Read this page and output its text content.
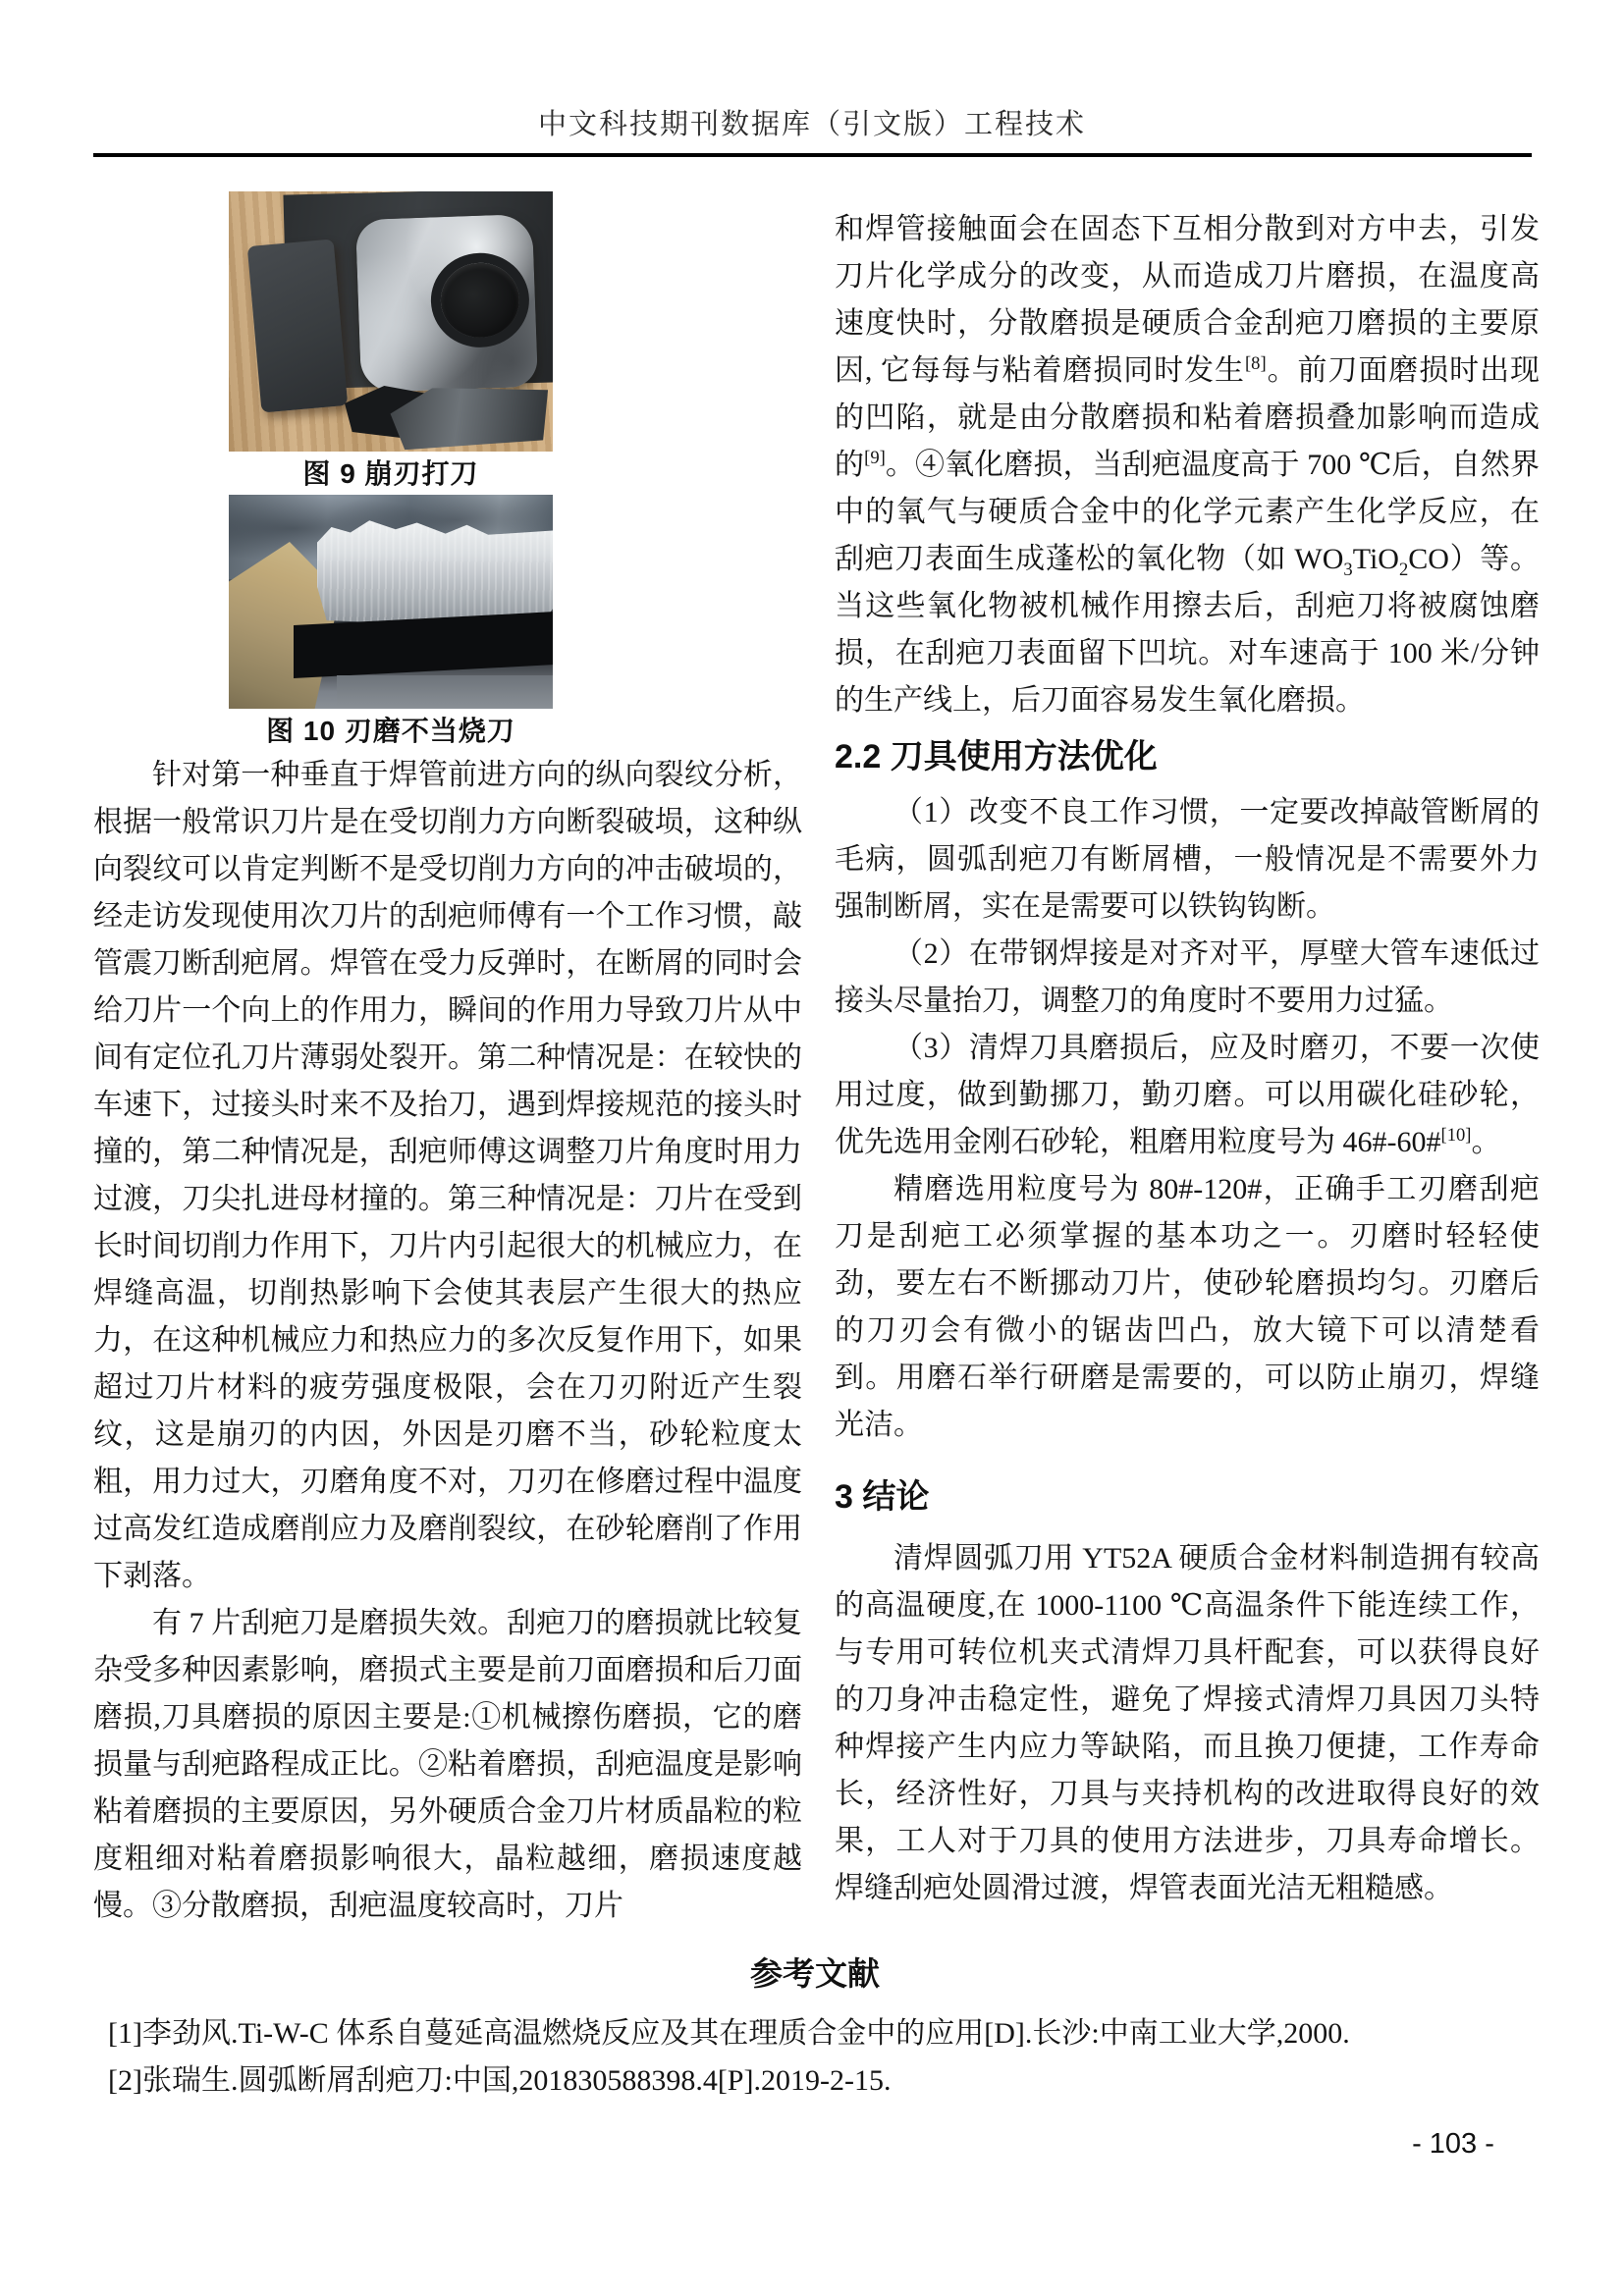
中文科技期刊数据库（引文版）工程技术
图 9 崩刃打刀
图 10 刃磨不当烧刀

针对第一种垂直于焊管前进方向的纵向裂纹分析，根据一般常识刀片是在受切削力方向断裂破埙，这种纵向裂纹可以肯定判断不是受切削力方向的冲击破埙的，经走访发现使用次刀片的刮疤师傅有一个工作习惯，敲管震刀断刮疤屑。焊管在受力反弹时，在断屑的同时会给刀片一个向上的作用力，瞬间的作用力导致刀片从中间有定位孔刀片薄弱处裂开。第二种情况是：在较快的车速下，过接头时来不及抬刀，遇到焊接规范的接头时撞的，第二种情况是，刮疤师傅这调整刀片角度时用力过渡，刀尖扎进母材撞的。第三种情况是：刀片在受到长时间切削力作用下，刀片内引起很大的机械应力，在焊缝高温，切削热影响下会使其表层产生很大的热应力，在这种机械应力和热应力的多次反复作用下，如果超过刀片材料的疲劳强度极限，会在刀刃附近产生裂纹，这是崩刃的内因，外因是刃磨不当，砂轮粒度太粗，用力过大，刃磨角度不对，刀刃在修磨过程中温度过高发红造成磨削应力及磨削裂纹，在砂轮磨削了作用下剥落。

有 7 片刮疤刀是磨损失效。刮疤刀的磨损就比较复杂受多种因素影响，磨损式主要是前刀面磨损和后刀面磨损,刀具磨损的原因主要是:①机械擦伤磨损，它的磨损量与刮疤路程成正比。②粘着磨损，刮疤温度是影响粘着磨损的主要原因，另外硬质合金刀片材质晶粒的粒度粗细对粘着磨损影响很大，晶粒越细，磨损速度越慢。③分散磨损，刮疤温度较高时，刀片

和焊管接触面会在固态下互相分散到对方中去，引发刀片化学成分的改变，从而造成刀片磨损，在温度高速度快时，分散磨损是硬质合金刮疤刀磨损的主要原因, 它每每与粘着磨损同时发生[8]。前刀面磨损时出现的凹陷，就是由分散磨损和粘着磨损叠加影响而造成的[9]。④氧化磨损，当刮疤温度高于 700 ℃后，自然界中的氧气与硬质合金中的化学元素产生化学反应，在刮疤刀表面生成蓬松的氧化物（如 $WO_3TiO_2CO$）等。当这些氧化物被机械作用擦去后，刮疤刀将被腐蚀磨损，在刮疤刀表面留下凹坑。对车速高于 100 米/分钟的生产线上，后刀面容易发生氧化磨损。

2.2 刀具使用方法优化

（1）改变不良工作习惯，一定要改掉敲管断屑的毛病，圆弧刮疤刀有断屑槽，一般情况是不需要外力强制断屑，实在是需要可以铁钩钩断。

（2）在带钢焊接是对齐对平，厚壁大管车速低过接头尽量抬刀，调整刀的角度时不要用力过猛。

（3）清焊刀具磨损后，应及时磨刃，不要一次使用过度，做到勤挪刀，勤刃磨。可以用碳化硅砂轮，优先选用金刚石砂轮，粗磨用粒度号为 46#-60#[10]。

精磨选用粒度号为 80#-120#，正确手工刃磨刮疤刀是刮疤工必须掌握的基本功之一。刃磨时轻轻使劲，要左右不断挪动刀片，使砂轮磨损均匀。刃磨后的刀刃会有微小的锯齿凹凸，放大镜下可以清楚看到。用磨石举行研磨是需要的，可以防止崩刃，焊缝光洁。

3 结论

清焊圆弧刀用 YT52A 硬质合金材料制造拥有较高的高温硬度,在 1000-1100 ℃高温条件下能连续工作，与专用可转位机夹式清焊刀具杆配套，可以获得良好的刀身冲击稳定性，避免了焊接式清焊刀具因刀头特种焊接产生内应力等缺陷，而且换刀便捷，工作寿命长，经济性好，刀具与夹持机构的改进取得良好的效果，工人对于刀具的使用方法进步，刀具寿命增长。焊缝刮疤处圆滑过渡，焊管表面光洁无粗糙感。

参考文献

[1]李劲风.Ti-W-C 体系自蔓延高温燃烧反应及其在理质合金中的应用[D].长沙:中南工业大学,2000.

[2]张瑞生.圆弧断屑刮疤刀:中国,201830588398.4[P].2019-2-15.

- 103 -
